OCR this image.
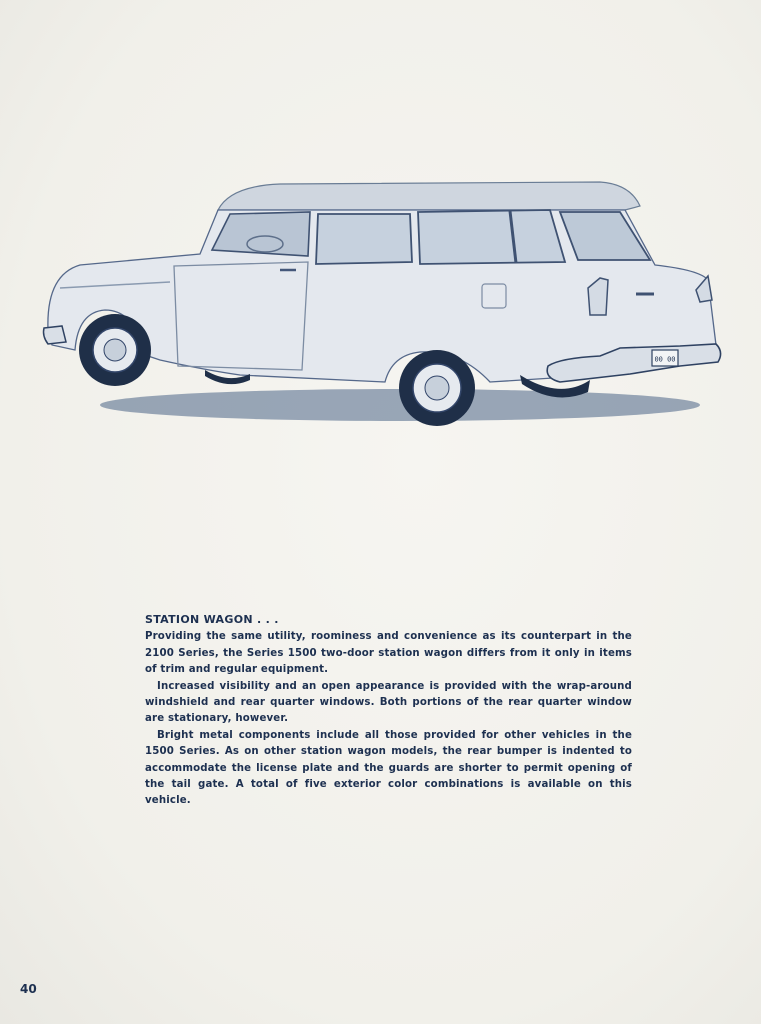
00 00
STATION WAGON . . .

Providing the same utility, roominess and convenience as its counterpart in the 2100 Series, the Series 1500 two-door station wagon differs from it only in items of trim and regular equipment.

Increased visibility and an open appearance is provided with the wrap-around windshield and rear quarter windows. Both portions of the rear quarter window are stationary, however.

Bright metal components include all those provided for other vehicles in the 1500 Series. As on other station wagon models, the rear bumper is indented to accommodate the license plate and the guards are shorter to permit opening of the tail gate. A total of five exterior color combinations is available on this vehicle.

40
